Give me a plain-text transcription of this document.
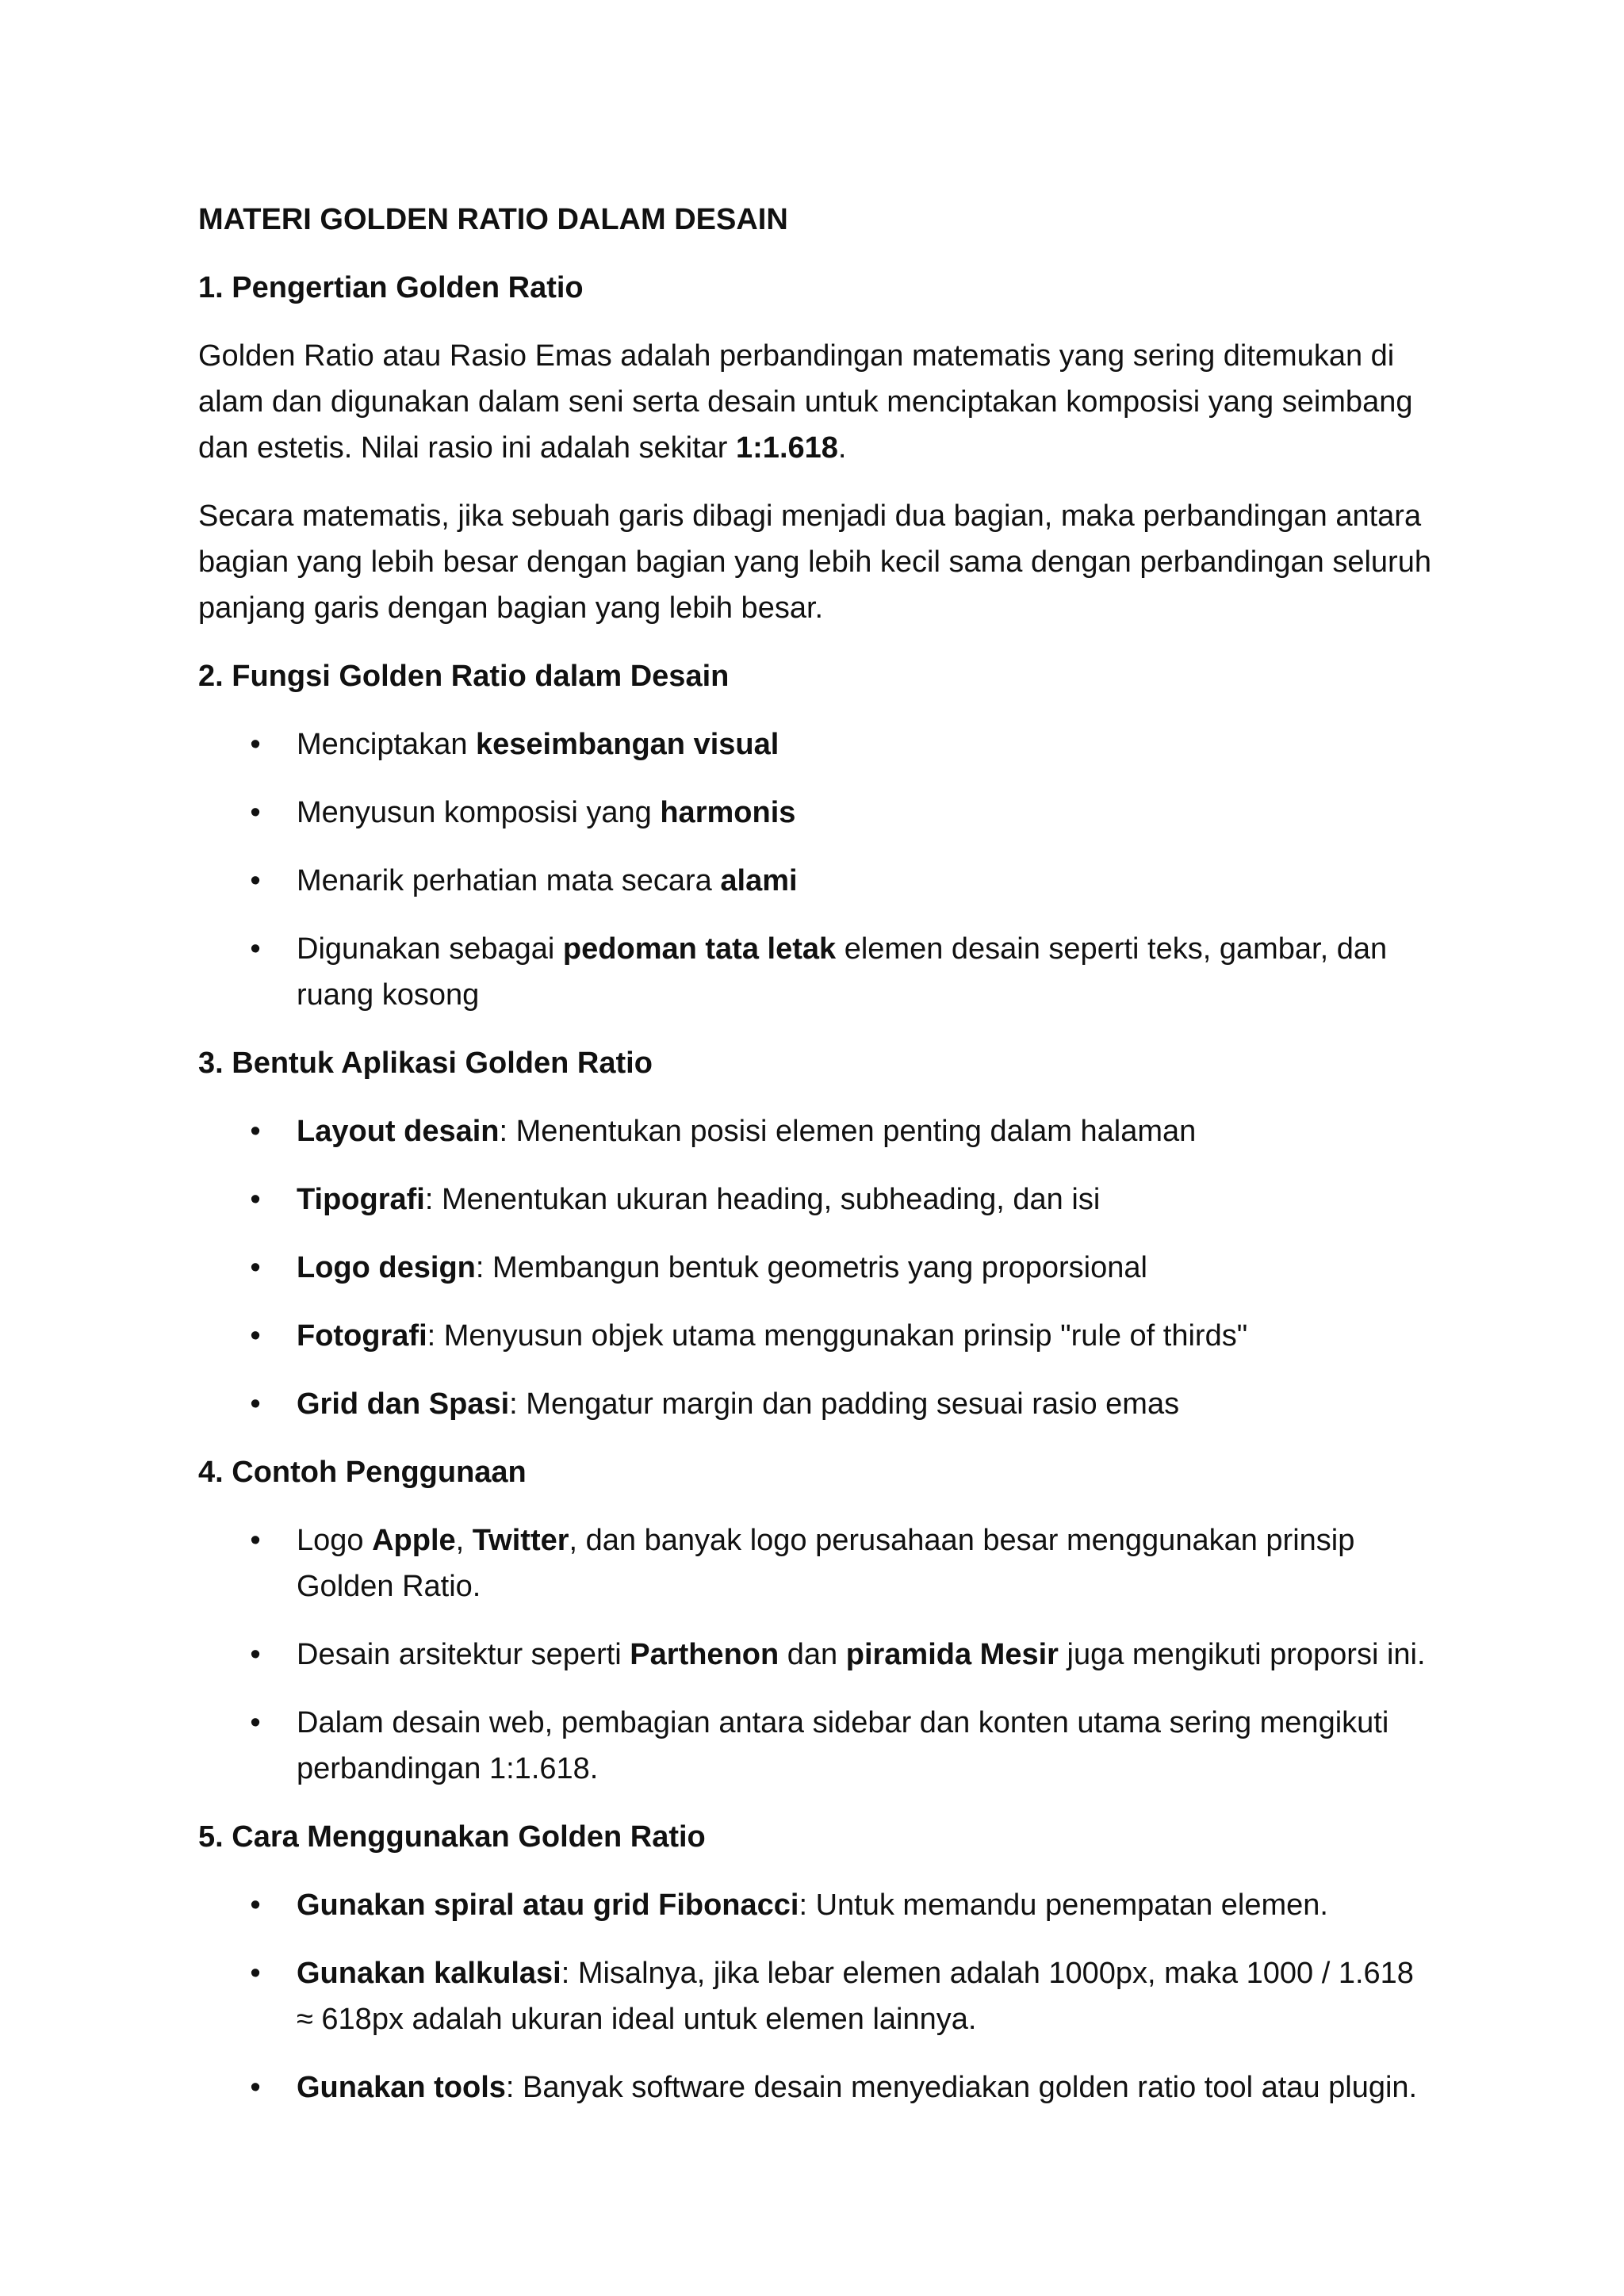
MATERI GOLDEN RATIO DALAM DESAIN
1. Pengertian Golden Ratio
Golden Ratio atau Rasio Emas adalah perbandingan matematis yang sering ditemukan di alam dan digunakan dalam seni serta desain untuk menciptakan komposisi yang seimbang dan estetis. Nilai rasio ini adalah sekitar 1:1.618.
Secara matematis, jika sebuah garis dibagi menjadi dua bagian, maka perbandingan antara bagian yang lebih besar dengan bagian yang lebih kecil sama dengan perbandingan seluruh panjang garis dengan bagian yang lebih besar.
2. Fungsi Golden Ratio dalam Desain
• Menciptakan keseimbangan visual
• Menyusun komposisi yang harmonis
• Menarik perhatian mata secara alami
• Digunakan sebagai pedoman tata letak elemen desain seperti teks, gambar, dan ruang kosong
3. Bentuk Aplikasi Golden Ratio
• Layout desain: Menentukan posisi elemen penting dalam halaman
• Tipografi: Menentukan ukuran heading, subheading, dan isi
• Logo design: Membangun bentuk geometris yang proporsional
• Fotografi: Menyusun objek utama menggunakan prinsip "rule of thirds"
• Grid dan Spasi: Mengatur margin dan padding sesuai rasio emas
4. Contoh Penggunaan
• Logo Apple, Twitter, dan banyak logo perusahaan besar menggunakan prinsip Golden Ratio.
• Desain arsitektur seperti Parthenon dan piramida Mesir juga mengikuti proporsi ini.
• Dalam desain web, pembagian antara sidebar dan konten utama sering mengikuti perbandingan 1:1.618.
5. Cara Menggunakan Golden Ratio
• Gunakan spiral atau grid Fibonacci: Untuk memandu penempatan elemen.
• Gunakan kalkulasi: Misalnya, jika lebar elemen adalah 1000px, maka 1000 / 1.618 ≈ 618px adalah ukuran ideal untuk elemen lainnya.
• Gunakan tools: Banyak software desain menyediakan golden ratio tool atau plugin.
